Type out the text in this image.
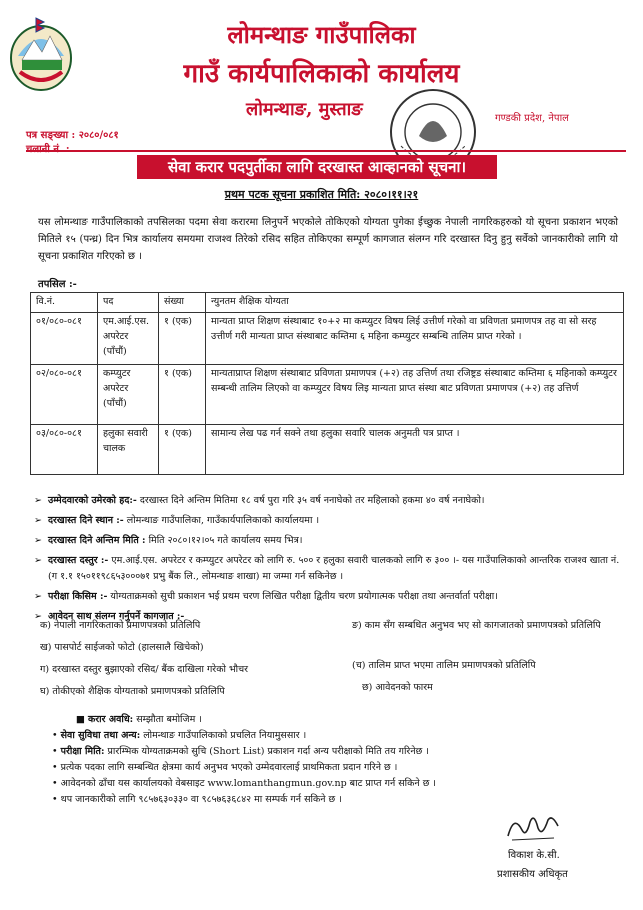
लोमन्थाङ गाउँपालिका
गाउँ कार्यपालिकाको कार्यालय
लोमन्थाङ, मुस्ताङ	गण्डकी प्रदेश, नेपाल
पत्र सङ्ख्या : २०८०/०८१
सेवा करार पदपुर्तीका लागि दरखास्त आव्हानको सूचना।
प्रथम पटक सूचना प्रकाशित मिति: २०८०।११।२१
यस लोमन्थाङ गाउँपालिकाको तपसिलका पदमा सेवा करारमा लिनुपर्ने भएकोले तोकिएको योग्यता पुगेका ईच्छुक नेपाली नागरिकहरुको यो सूचना प्रकाशन भएको मितिले १५ (पन्ध्र) दिन भित्र कार्यालय समयमा राजश्व तिरेको रसिद सहित तोकिएका सम्पूर्ण कागजात संलग्न गरि दरखास्त दिनु हुनु सर्वेको जानकारीको लागि यो सूचना प्रकाशित गरिएको छ ।
तपसिल :-
वि.नं.	पद	संख्या	न्युनतम शैक्षिक योग्यता
०१/०८०-०८१	एम.आई.एस. अपरेटर (पाँचौं)	१ (एक)	मान्यता प्राप्त शिक्षण संस्थाबाट १०+२ मा कम्प्युटर विषय लिई उत्तीर्ण गरेको वा प्रविणता प्रमाणपत्र तह वा सो सरह उत्तीर्ण गरी मान्यता प्राप्त संस्थाबाट कम्तिमा ६ महिना कम्प्युटर सम्बन्धि तालिम प्राप्त गरेको ।
०२/०८०-०८१	कम्प्युटर अपरेटर (पाँचौं)	१ (एक)	मान्यताप्राप्त शिक्षण संस्थाबाट प्रविणता प्रमाणपत्र (+२) तह उत्तिर्ण तथा रजिष्ट्रड संस्थाबाट कम्तिमा ६ महिनाको कम्प्युटर सम्बन्धी तालिम लिएको वा कम्प्युटर विषय लिइ मान्यता प्राप्त संस्था बाट प्रविणता प्रमाणपत्र (+२) तह उत्तिर्ण
०३/०८०-०८१	हलुका सवारी चालक	१ (एक)	सामान्य लेख पढ गर्न सक्ने तथा हलुका सवारि चालक अनुमती पत्र प्राप्त ।
➢ उम्मेदवारको उमेरको हद:- दरखास्त दिने अन्तिम मितिमा १८ वर्ष पुरा गरि ३५ वर्ष ननाघेको तर महिलाको हकमा ४० वर्ष ननाघेको।
➢ दरखास्त दिने स्थान :- लोमन्थाङ गाउँपालिका, गाउँकार्यपालिकाको कार्यालयमा ।
➢ दरखास्त दिने अन्तिम मिति : मिति २०८०।१२।०५ गते कार्यालय समय भित्र।
➢ दरखास्त दस्तुर :- एम.आई.एस. अपरेटर र कम्प्युटर अपरेटर को लागि रु. ५०० र हलुका सवारी चालकको लागि रु ३०० ।- यस गाउँपालिकाको आन्तरिक राजश्व खाता नं. (ग १.१ १५०११९८६५३०००७१ प्रभु बैंक लि., लोमन्थाङ शाखा) मा जम्मा गर्न सकिनेछ ।
➢ परीक्षा किसिम :- योग्यताक्रमको सुची प्रकाशन भई प्रथम चरण लिखित परीक्षा द्वितीय चरण प्रयोगात्मक परीक्षा तथा अन्तर्वार्ता परीक्षा।
➢ आवेदन साथ संलग्न गर्नुपर्ने कागजात :-
क) नेपाली नागरिकताको प्रमाणपत्रको प्रतिलिपि
ख) पासपोर्ट साईजको फोटो (हालसालै खिचेको)
ग) दरखास्त दस्तुर बुझाएको रसिद/ बैंक दाखिला गरेको भौचर
घ) तोकीएको शैक्षिक योग्यताको प्रमाणपत्रको प्रतिलिपि
ङ) काम सँग सम्बधित अनुभव भए सो कागजातको प्रमाणपत्रको प्रतिलिपि
(च) तालिम प्राप्त भएमा तालिम प्रमाणपत्रको प्रतिलिपि
छ) आवेदनको फारम
■ करार अवधि: सम्झौता बमोजिम ।
• सेवा सुविधा तथा अन्य: लोमन्थाङ गाउँपालिकाको प्रचलित नियामुससार ।
• परीक्षा मिति: प्रारम्भिक योग्यताक्रमको सुचि (Short List) प्रकाशन गर्दा अन्य परीक्षाको मिति तय गरिनेछ ।
• प्रत्येक पदका लागि सम्बन्धित क्षेत्रमा कार्य अनुभव भएको उम्मेदवारलाई प्राथमिकता प्रदान गरिने छ ।
• आवेदनको ढाँचा यस कार्यालयको वेबसाइट www.lomanthangmun.gov.np बाट प्राप्त गर्न सकिने छ ।
• थप जानकारीको लागि ९८५७६३०३३० वा ९८५७६३६८४२ मा सम्पर्क गर्न सकिने छ ।
विकाश के.सी.
प्रशासकीय अधिकृत
